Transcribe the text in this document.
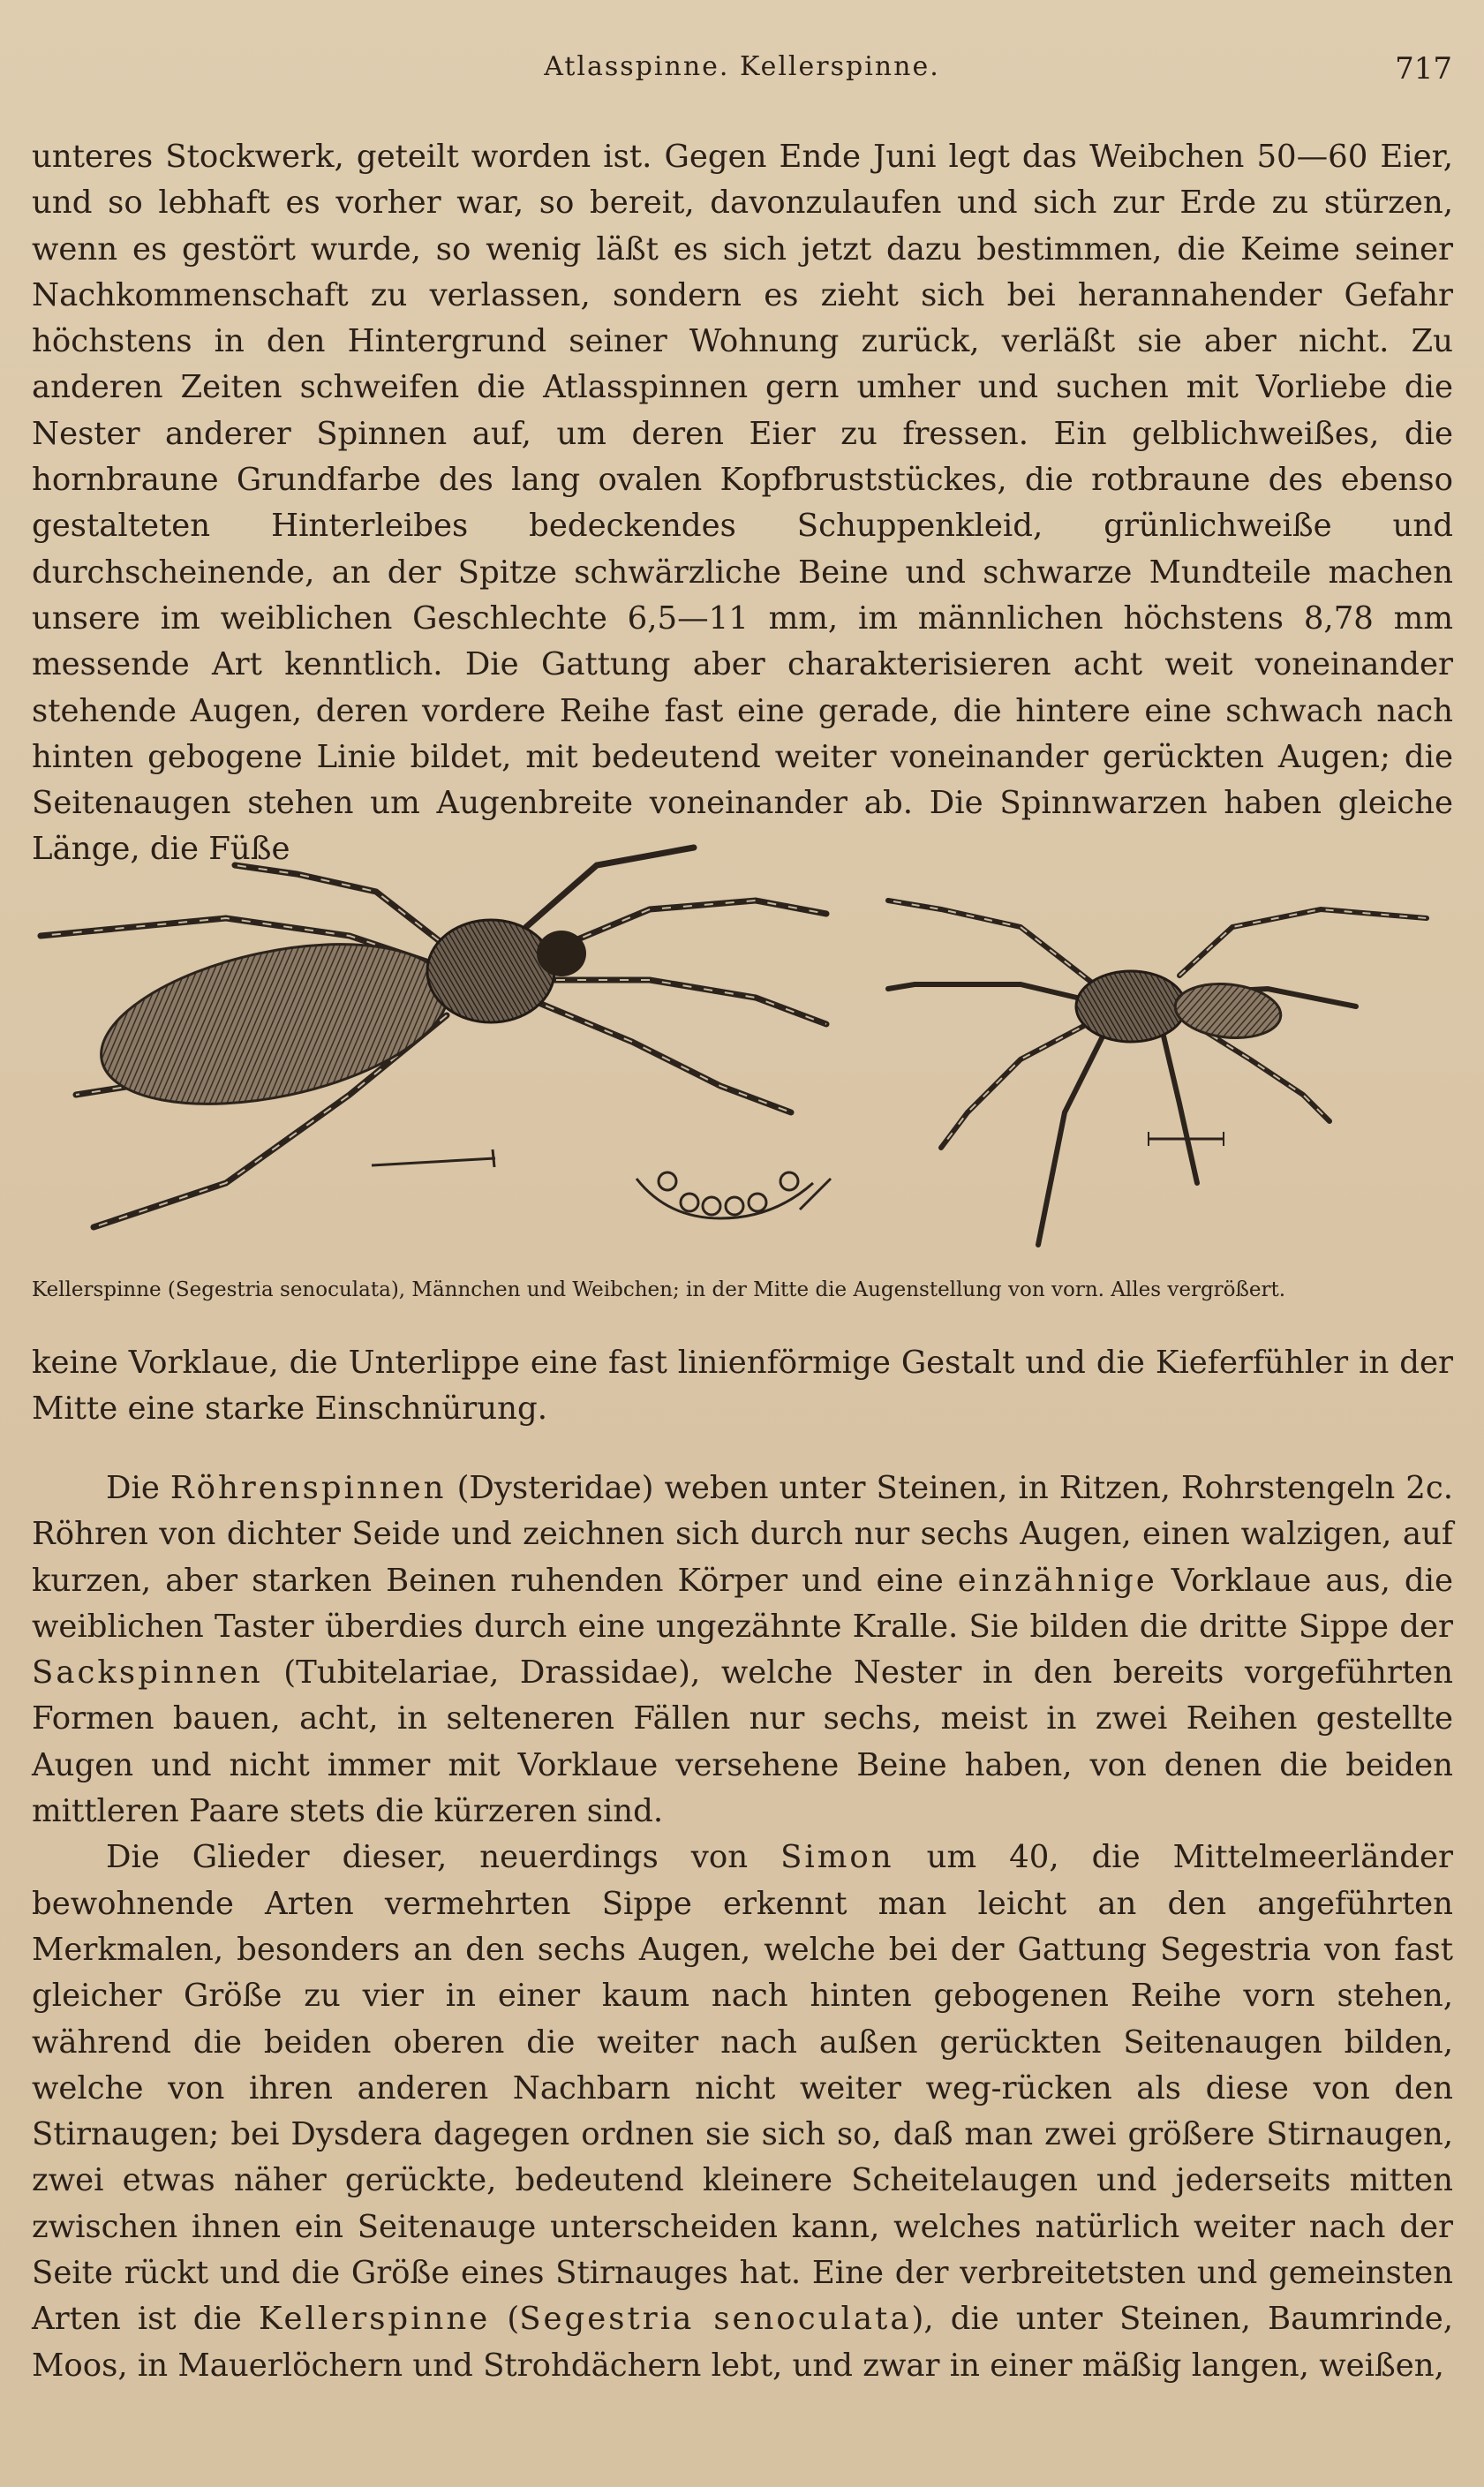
Atlasspinne. Kellerspinne.	717

unteres Stockwerk, geteilt worden ist. Gegen Ende Juni legt das Weibchen 50—60 Eier, und so lebhaft es vorher war, so bereit, davonzulaufen und sich zur Erde zu stürzen, wenn es gestört wurde, so wenig läßt es sich jetzt dazu bestimmen, die Keime seiner Nachkommenschaft zu verlassen, sondern es zieht sich bei herannahender Gefahr höchstens in den Hintergrund seiner Wohnung zurück, verläßt sie aber nicht. Zu anderen Zeiten schweifen die Atlasspinnen gern umher und suchen mit Vorliebe die Nester anderer Spinnen auf, um deren Eier zu fressen. Ein gelblichweißes, die hornbraune Grundfarbe des lang ovalen Kopfbruststückes, die rotbraune des ebenso gestalteten Hinterleibes bedeckendes Schuppenkleid, grünlichweiße und durchscheinende, an der Spitze schwärzliche Beine und schwarze Mundteile machen unsere im weiblichen Geschlechte 6,5—11 mm, im männlichen höchstens 8,78 mm messende Art kenntlich. Die Gattung aber charakterisieren acht weit voneinander stehende Augen, deren vordere Reihe fast eine gerade, die hintere eine schwach nach hinten gebogene Linie bildet, mit bedeutend weiter voneinander gerückten Augen; die Seitenaugen stehen um Augenbreite voneinander ab. Die Spinnwarzen haben gleiche Länge, die Füße

Kellerspinne (Segestria senoculata), Männchen und Weibchen; in der Mitte die Augenstellung von vorn. Alles vergrößert.

keine Vorklaue, die Unterlippe eine fast linienförmige Gestalt und die Kieferfühler in der Mitte eine starke Einschnürung.

Die Röhrenspinnen (Dysteridae) weben unter Steinen, in Ritzen, Rohrstengeln 2c. Röhren von dichter Seide und zeichnen sich durch nur sechs Augen, einen walzigen, auf kurzen, aber starken Beinen ruhenden Körper und eine einzähnige Vorklaue aus, die weiblichen Taster überdies durch eine ungezähnte Kralle. Sie bilden die dritte Sippe der Sackspinnen (Tubitelariae, Drassidae), welche Nester in den bereits vorgeführten Formen bauen, acht, in selteneren Fällen nur sechs, meist in zwei Reihen gestellte Augen und nicht immer mit Vorklaue versehene Beine haben, von denen die beiden mittleren Paare stets die kürzeren sind.

Die Glieder dieser, neuerdings von Simon um 40, die Mittelmeerländer bewohnende Arten vermehrten Sippe erkennt man leicht an den angeführten Merkmalen, besonders an den sechs Augen, welche bei der Gattung Segestria von fast gleicher Größe zu vier in einer kaum nach hinten gebogenen Reihe vorn stehen, während die beiden oberen die weiter nach außen gerückten Seitenaugen bilden, welche von ihren anderen Nachbarn nicht weiter weg-rücken als diese von den Stirnaugen; bei Dysdera dagegen ordnen sie sich so, daß man zwei größere Stirnaugen, zwei etwas näher gerückte, bedeutend kleinere Scheitelaugen und jederseits mitten zwischen ihnen ein Seitenauge unterscheiden kann, welches natürlich weiter nach der Seite rückt und die Größe eines Stirnauges hat. Eine der verbreitetsten und gemeinsten Arten ist die Kellerspinne (Segestria senoculata), die unter Steinen, Baumrinde, Moos, in Mauerlöchern und Strohdächern lebt, und zwar in einer mäßig langen, weißen,
